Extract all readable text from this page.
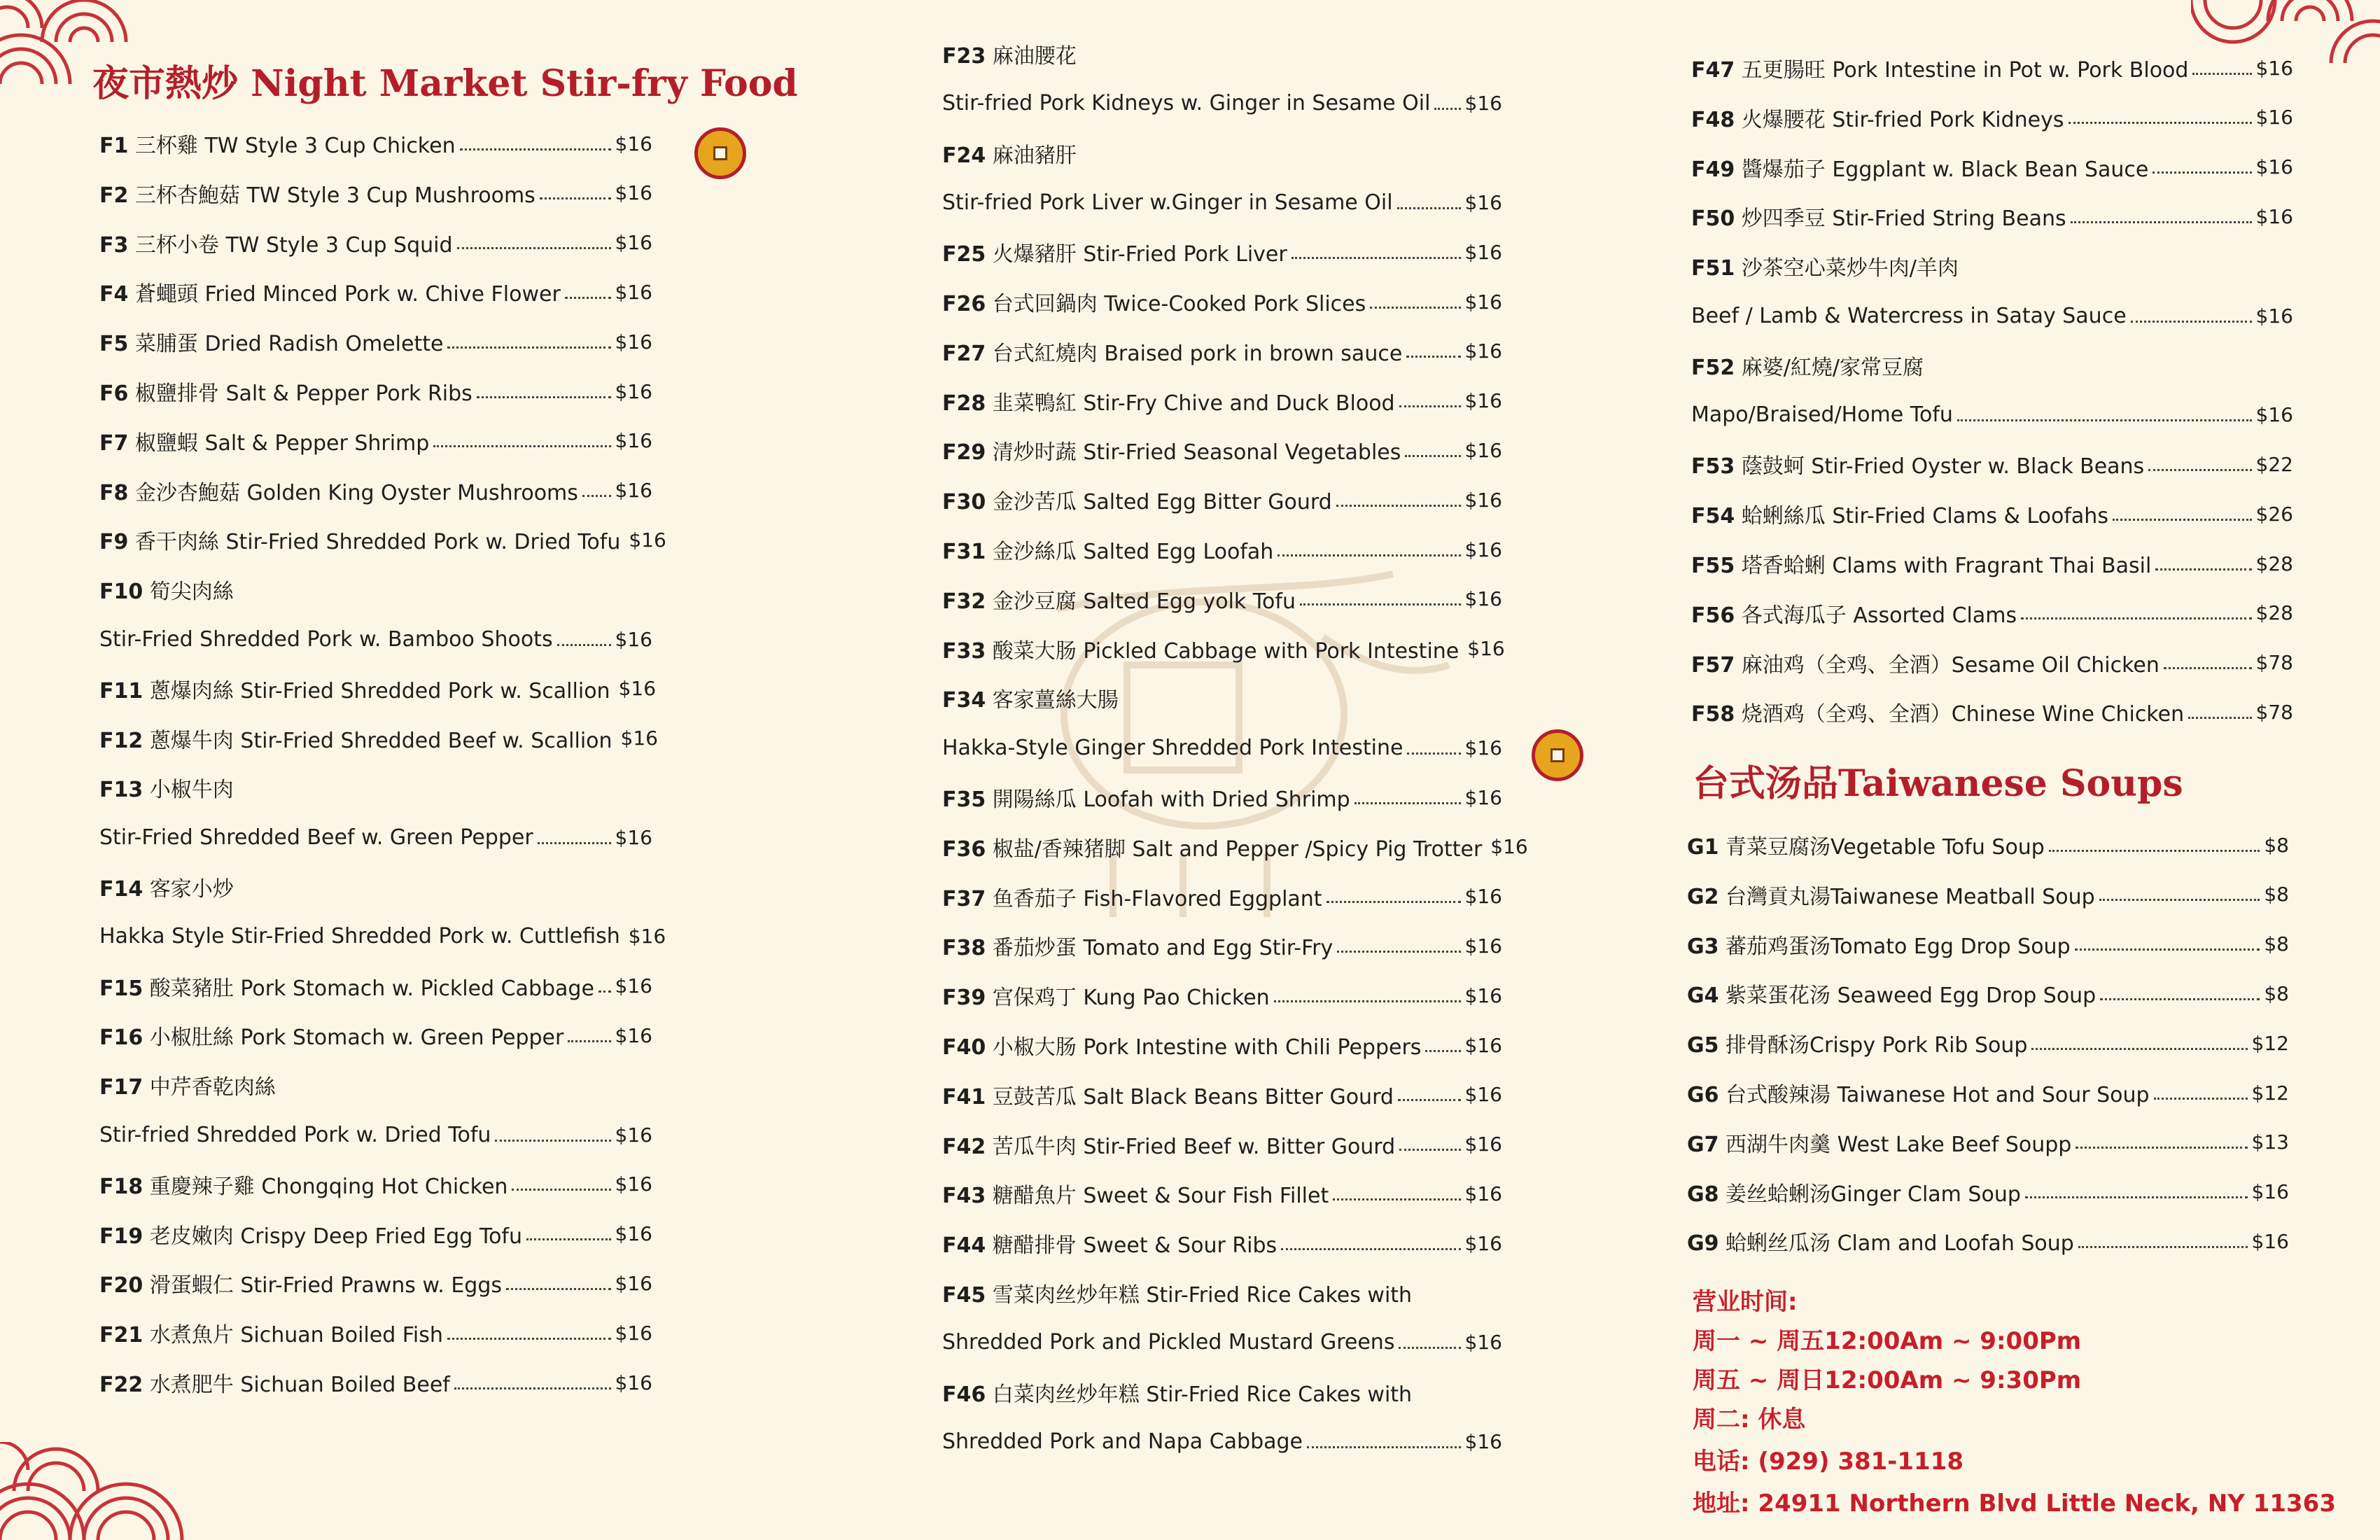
夜市熱炒 Night Market Stir-fry Food
台式汤品Taiwanese Soups
F1 三杯雞 TW Style 3 Cup Chicken	$16
F2 三杯杏鮑菇 TW Style 3 Cup Mushrooms	$16
F3 三杯小卷 TW Style 3 Cup Squid	$16
F4 蒼蠅頭 Fried Minced Pork w. Chive Flower	$16
F5 菜脯蛋 Dried Radish Omelette	$16
F6 椒鹽排骨 Salt & Pepper Pork Ribs	$16
F7 椒鹽蝦 Salt & Pepper Shrimp	$16
F8 金沙杏鮑菇 Golden King Oyster Mushrooms $16
F9 香干肉絲 Stir-Fried Shredded Pork w. Dried Tofu $16
F10 筍尖肉絲
Stir-Fried Shredded Pork w. Bamboo Shoots	$16
F11 蔥爆肉絲 Stir-Fried Shredded Pork w. Scallion $16
F12 蔥爆牛肉 Stir-Fried Shredded Beef w. Scallion $16
F13 小椒牛肉
Stir-Fried Shredded Beef w. Green Pepper	$16
F14 客家小炒
Hakka Style Stir-Fried Shredded Pork w. Cuttlefish $16
F15 酸菜豬肚 Pork Stomach w. Pickled Cabbage $16
F16 小椒肚絲 Pork Stomach w. Green Pepper	$16
F17 中芹香乾肉絲
Stir-fried Shredded Pork w. Dried Tofu	$16
F18 重慶辣子雞 Chongqing Hot Chicken	$16
F19 老皮嫩肉 Crispy Deep Fried Egg Tofu	$16
F20 滑蛋蝦仁 Stir-Fried Prawns w. Eggs	$16
F21 水煮魚片 Sichuan Boiled Fish	$16
F22 水煮肥牛 Sichuan Boiled Beef	$16
F23 麻油腰花
Stir-fried Pork Kidneys w. Ginger in Sesame Oil $16
F24 麻油豬肝
Stir-fried Pork Liver w.Ginger in Sesame Oil	$16
F25 火爆豬肝 Stir-Fried Pork Liver	$16
F26 台式回鍋肉 Twice-Cooked Pork Slices	$16
F27 台式紅燒肉 Braised pork in brown sauce	$16
F28 韭菜鴨紅 Stir-Fry Chive and Duck Blood	$16
F29 清炒时蔬 Stir-Fried Seasonal Vegetables	$16
F30 金沙苦瓜 Salted Egg Bitter Gourd	$16
F31 金沙絲瓜 Salted Egg Loofah	$16
F32 金沙豆腐 Salted Egg yolk Tofu	$16
F33 酸菜大肠 Pickled Cabbage with Pork Intestine $16
F34 客家薑絲大腸
Hakka-Style Ginger Shredded Pork Intestine	$16
F35 開陽絲瓜 Loofah with Dried Shrimp	$16
F36 椒盐/香辣猪脚 Salt and Pepper /Spicy Pig Trotter $16
F37 鱼香茄子 Fish-Flavored Eggplant	$16
F38 番茄炒蛋 Tomato and Egg Stir-Fry	$16
F39 宫保鸡丁 Kung Pao Chicken	$16
F40 小椒大肠 Pork Intestine with Chili Peppers $16
F41 豆鼓苦瓜 Salt Black Beans Bitter Gourd	$16
F42 苦瓜牛肉 Stir-Fried Beef w. Bitter Gourd	$16
F43 糖醋魚片 Sweet & Sour Fish Fillet	$16
F44 糖醋排骨 Sweet & Sour Ribs	$16
F45 雪菜肉丝炒年糕 Stir-Fried Rice Cakes with
Shredded Pork and Pickled Mustard Greens	$16
F46 白菜肉丝炒年糕 Stir-Fried Rice Cakes with
Shredded Pork and Napa Cabbage	$16
F47 五更腸旺 Pork Intestine in Pot w. Pork Blood	$16
F48 火爆腰花 Stir-fried Pork Kidneys	$16
F49 醬爆茄子 Eggplant w. Black Bean Sauce	$16
F50 炒四季豆 Stir-Fried String Beans	$16
F51 沙茶空心菜炒牛肉/羊肉
Beef / Lamb & Watercress in Satay Sauce	$16
F52 麻婆/紅燒/家常豆腐
Mapo/Braised/Home Tofu	$16
F53 蔭鼓蚵 Stir-Fried Oyster w. Black Beans	$22
F54 蛤蜊絲瓜 Stir-Fried Clams & Loofahs	$26
F55 塔香蛤蜊 Clams with Fragrant Thai Basil	$28
F56 各式海瓜子 Assorted Clams	$28
F57 麻油鸡（全鸡、全酒）Sesame Oil Chicken	$78
F58 烧酒鸡（全鸡、全酒）Chinese Wine Chicken	$78
G1 青菜豆腐汤Vegetable Tofu Soup	$8
G2 台灣貢丸湯Taiwanese Meatball Soup	$8
G3 蕃茄鸡蛋汤Tomato Egg Drop Soup	$8
G4 紫菜蛋花汤 Seaweed Egg Drop Soup	$8
G5 排骨酥汤Crispy Pork Rib Soup	$12
G6 台式酸辣湯 Taiwanese Hot and Sour Soup	$12
G7 西湖牛肉羹 West Lake Beef Soupp	$13
G8 姜丝蛤蜊汤Ginger Clam Soup	$16
G9 蛤蜊丝瓜汤 Clam and Loofah Soup	$16
营业时间:
周一 ~ 周五12:00Am ~ 9:00Pm
周五 ~ 周日12:00Am ~ 9:30Pm
周二: 休息
电话: (929) 381-1118
地址: 24911 Northern Blvd Little Neck, NY 11363
